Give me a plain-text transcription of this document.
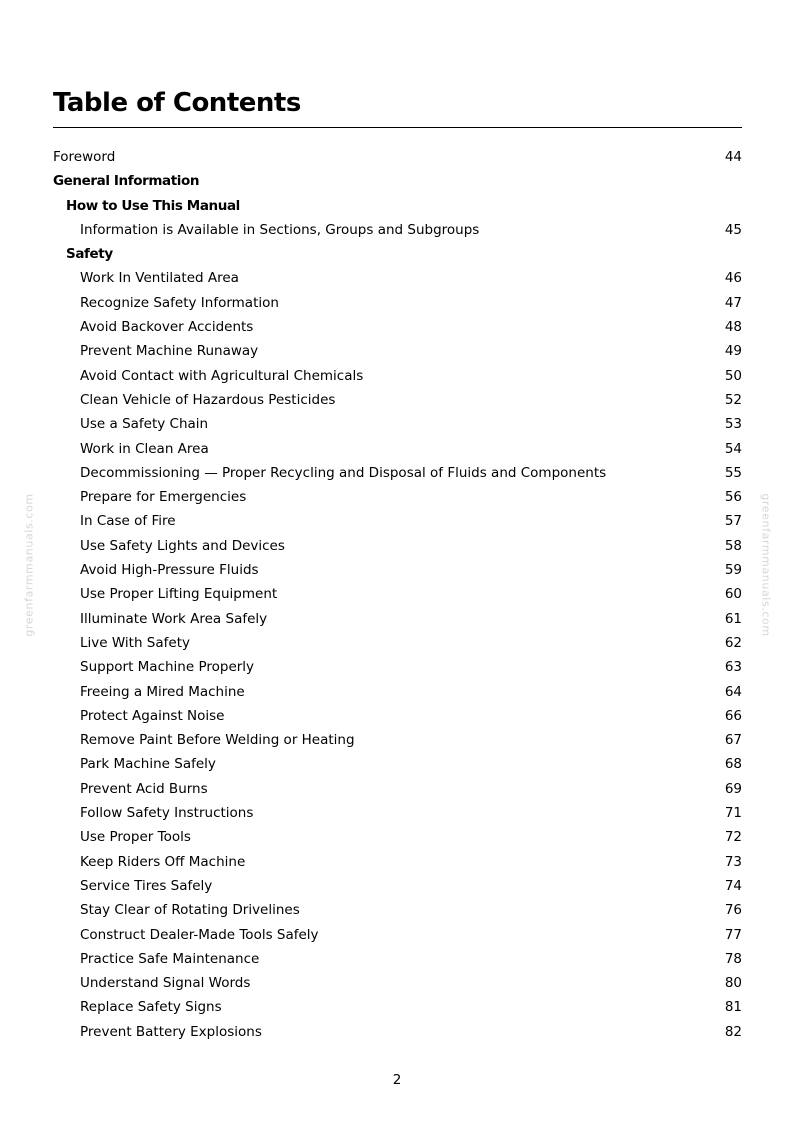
Table of Contents
Foreword	44
General Information
How to Use This Manual
Information is Available in Sections, Groups and Subgroups	45
Safety
Work In Ventilated Area	46
Recognize Safety Information	47
Avoid Backover Accidents	48
Prevent Machine Runaway	49
Avoid Contact with Agricultural Chemicals	50
Clean Vehicle of Hazardous Pesticides	52
Use a Safety Chain	53
Work in Clean Area	54
Decommissioning — Proper Recycling and Disposal of Fluids and Components	55
Prepare for Emergencies	56
In Case of Fire	57
Use Safety Lights and Devices	58
Avoid High-Pressure Fluids	59
Use Proper Lifting Equipment	60
Illuminate Work Area Safely	61
Live With Safety	62
Support Machine Properly	63
Freeing a Mired Machine	64
Protect Against Noise	66
Remove Paint Before Welding or Heating	67
Park Machine Safely	68
Prevent Acid Burns	69
Follow Safety Instructions	71
Use Proper Tools	72
Keep Riders Off Machine	73
Service Tires Safely	74
Stay Clear of Rotating Drivelines	76
Construct Dealer-Made Tools Safely	77
Practice Safe Maintenance	78
Understand Signal Words	80
Replace Safety Signs	81
Prevent Battery Explosions	82
greenfarmmanuals.com	greenfarmmanuals.com
2
